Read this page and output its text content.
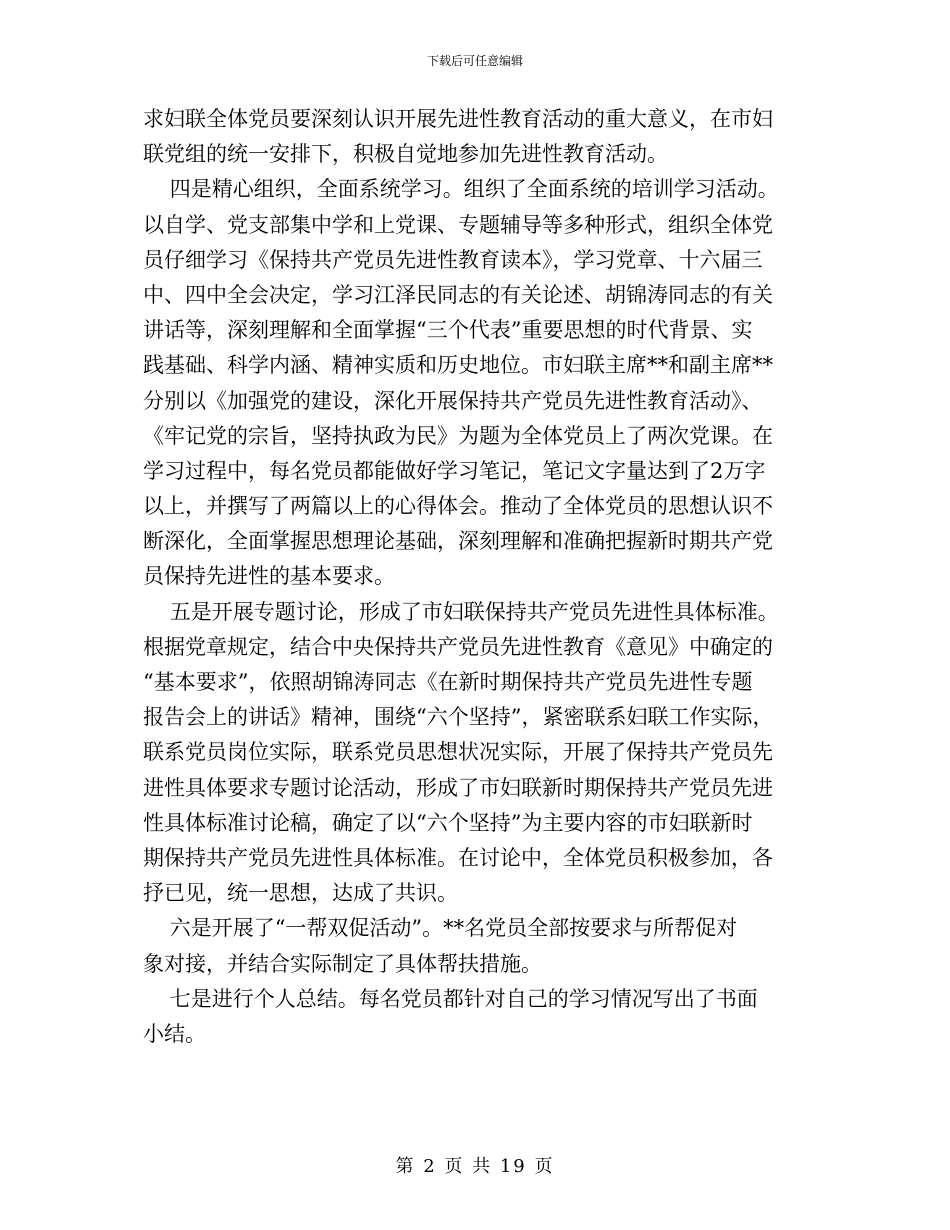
下载后可任意编辑
求妇联全体党员要深刻认识开展先进性教育活动的重大意义，在市妇
联党组的统一安排下，积极自觉地参加先进性教育活动。
四是精心组织，全面系统学习。组织了全面系统的培训学习活动。
以自学、党支部集中学和上党课、专题辅导等多种形式，组织全体党
员仔细学习《保持共产党员先进性教育读本》，学习党章、十六届三
中、四中全会决定，学习江泽民同志的有关论述、胡锦涛同志的有关
讲话等，深刻理解和全面掌握“三个代表”重要思想的时代背景、实
践基础、科学内涵、精神实质和历史地位。市妇联主席**和副主席**
分别以《加强党的建设，深化开展保持共产党员先进性教育活动》、
《牢记党的宗旨，坚持执政为民》为题为全体党员上了两次党课。在
学习过程中，每名党员都能做好学习笔记，笔记文字量达到了2万字
以上，并撰写了两篇以上的心得体会。推动了全体党员的思想认识不
断深化，全面掌握思想理论基础，深刻理解和准确把握新时期共产党
员保持先进性的基本要求。
五是开展专题讨论，形成了市妇联保持共产党员先进性具体标准。
根据党章规定，结合中央保持共产党员先进性教育《意见》中确定的
“基本要求”，依照胡锦涛同志《在新时期保持共产党员先进性专题
报告会上的讲话》精神，围绕“六个坚持”，紧密联系妇联工作实际，
联系党员岗位实际，联系党员思想状况实际，开展了保持共产党员先
进性具体要求专题讨论活动，形成了市妇联新时期保持共产党员先进
性具体标准讨论稿，确定了以“六个坚持”为主要内容的市妇联新时
期保持共产党员先进性具体标准。在讨论中，全体党员积极参加，各
抒已见，统一思想，达成了共识。
六是开展了“一帮双促活动”。**名党员全部按要求与所帮促对
象对接，并结合实际制定了具体帮扶措施。
七是进行个人总结。每名党员都针对自己的学习情况写出了书面
小结。
第 2 页 共 19 页
